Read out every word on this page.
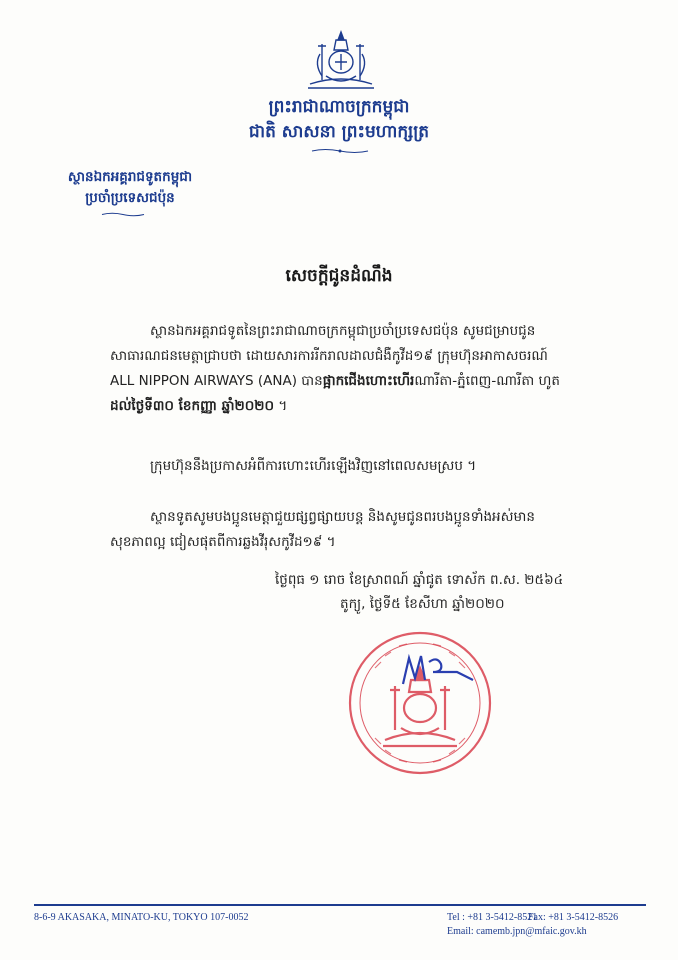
ព្រះរាជាណាចក្រកម្ពុជា
ជាតិ សាសនា ព្រះមហាក្សត្រ
ស្ថានឯកអគ្គរាជទូតកម្ពុជា
ប្រចាំប្រទេសជប៉ុន
សេចក្តីជូនដំណឹង
ស្ថានឯកអគ្គរាជទូតនៃព្រះរាជាណាចក្រកម្ពុជាប្រចាំប្រទេសជប៉ុន សូមជម្រាបជូន
សាធារណជនមេត្តាជ្រាបថា ដោយសារការរីករាលដាលជំងឺកូវីដ១៩ ក្រុមហ៊ុនអាកាសចរណ៍
ALL NIPPON AIRWAYS (ANA) បានផ្អាកជើងហោះហើរណារីតា-ភ្នំពេញ-ណារីតា ហូត
ដល់ថ្ងៃទី៣០ ខែកញ្ញា ឆ្នាំ២០២០ ។
ក្រុមហ៊ុននឹងប្រកាសអំពីការហោះហើរឡើងវិញនៅពេលសមស្រប ។
ស្ថានទូតសូមបងប្អូនមេត្តាជួយផ្សព្វផ្សាយបន្ត និងសូមជូនពរបងប្អូនទាំងអស់មាន
សុខភាពល្អ ជៀសផុតពីការឆ្លងវីរុសកូវីដ១៩ ។
ថ្ងៃពុធ ១ រោច ខែស្រាពណ៍ ឆ្នាំជូត ទោស័ក ព.ស. ២៥៦៤
តូក្យូ, ថ្ងៃទី៥ ខែសីហា ឆ្នាំ២០២០
8-6-9 AKASAKA, MINATO-KU, TOKYO 107-0052	Tel : +81 3-5412-8521
Fax: +81 3-5412-8526
Email: camemb.jpn@mfaic.gov.kh
